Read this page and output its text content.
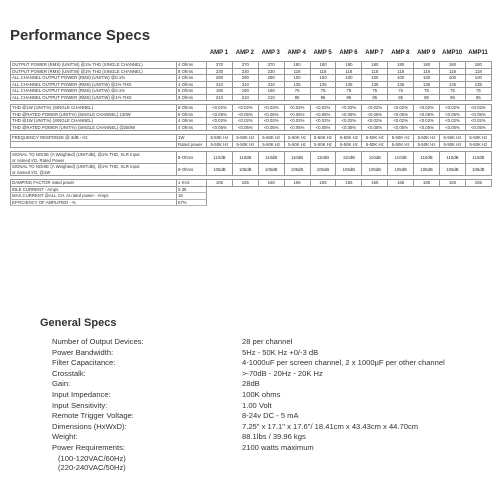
Performance Specs
AMP 1	AMP 2	AMP 3	AMP 4	AMP 5	AMP 6	AMP 7	AMP 8	AMP 9	AMP10	AMP11
OUTPUT POWER (RMS) (UNIT:W) @1% THD (SINGLE CHANNEL)	4 Ohms	370	370	370	180	180	180	180	180	180	180	180

OUTPUT POWER (RMS) (UNIT:W) @1% THD (SINGLE CHANNEL)	8 Ohms	230	230	230	118	118	118	118	118	118	118	118

ALL CHANNEL OUTPUT POWER (RMS) (UNIT:W) @0.1%	4 Ohms	290	290	290	100	100	100	100	100	100	100	100

ALL CHANNEL OUTPUT POWER (RMS) (UNIT:W) @1% THD	4 Ohms	310	310	310	135	135	135	135	135	135	135	135

ALL CHANNEL OUTPUT POWER (RMS) (UNIT:W) @0.1%	8 Ohms	190	190	190	75	75	75	75	75	75	75	75

ALL CHANNEL OUTPUT POWER (RMS) (UNIT:W) @1% THD	8 Ohms	210	210	210	85	85	85	85	85	85	85	85

THD @1W (UNIT:%) (SINGLE CHANNEL)	8 Ohms	<0.02%	<0.02%	<0.02%	<0.02%	<0.02%	<0.02%	<0.02%	<0.02%	<0.02%	<0.02%	<0.02%

THD @RATED POWER (UNIT:%) (SINGLE CHANNEL) 130W	8 Ohms	<0.05%	<0.05%	<0.05%	<0.05%	<0.05%	<0.05%	<0.05%	<0.05%	<0.05%	<0.05%	<0.05%

THD @1W (UNIT:%) (SINGLE CHANNEL)	4 Ohms	<0.02%	<0.02%	<0.02%	<0.02%	<0.02%	<0.02%	<0.02%	<0.02%	<0.02%	<0.02%	<0.02%

THD @RATED POWER (UNIT:%) (SINGLE CHANNEL) @250W	4 Ohms	<0.05%	<0.05%	<0.05%	<0.05%	<0.05%	<0.05%	<0.05%	<0.05%	<0.05%	<0.05%	<0.05%

FREQUENCY RESPONSE @-3dB - Hz	1W	5-50K Hz	5-50K Hz	5-50K Hz	5-50K Hz	5-50K Hz	5-50K Hz	5-50K Hz	5-50K Hz	5-50K Hz	5-50K Hz	5-50K Hz

	Rated power	5-50K Hz	5-50K Hz	5-50K Hz	5-50K Hz	5-50K Hz	5-50K Hz	5-50K Hz	5-50K Hz	5-50K Hz	5-50K Hz	5-50K Hz

SIGNAL TO NOISE (A Weighted) (UNIT:dB), @1% THD, XLR Input
or named I/O, Rated Power	8-Ohms	110dB	110dB	110dB	110dB	110dB	110dB	110dB	110dB	110dB	110dB	110dB

SIGNAL TO NOISE (A Weighted) (UNIT:dB), @1% THD, XLR Input
or named I/O, @1W	8-Ohms	105dB	105dB	105dB	105dB	105dB	105dB	105dB	105dB	105dB	105dB	105dB

DAMPING FACTOR rated power	1 KHz	165	165	165	165	165	165	165	165	165	165	165

IDLE CURRENT - Amps	0.35											

MAX.CURRENT @ALL CH. At rated power - Amps	18											

EFFICIENCY OF AMPLIFIER - %	67%											
General Specs
Number of Output Devices:	28 per channel
Power Bandwidth:	5Hz - 50K Hz +0/-3 dB
Filter Capacitance:	4-1000uF per screen channel, 2 x 1000µF per other channel
Crosstalk:	>-70dB - 20Hz - 20K Hz
Gain:	28dB
Input Impedance:	100K ohms
Input Sensitivity:	1.00 Volt
Remote Trigger Voltage:	8-24v DC - 5 mA
Dimensions (HxWxD):	7.25" x 17.1" x 17.6"/ 18.41cm x 43.43cm x 44.70cm
Weight:	88.1lbs / 39.96 kgs
Power Requirements:	2100 watts maximum
(100-120VAC/60Hz)
(220-240VAC/50Hz)
